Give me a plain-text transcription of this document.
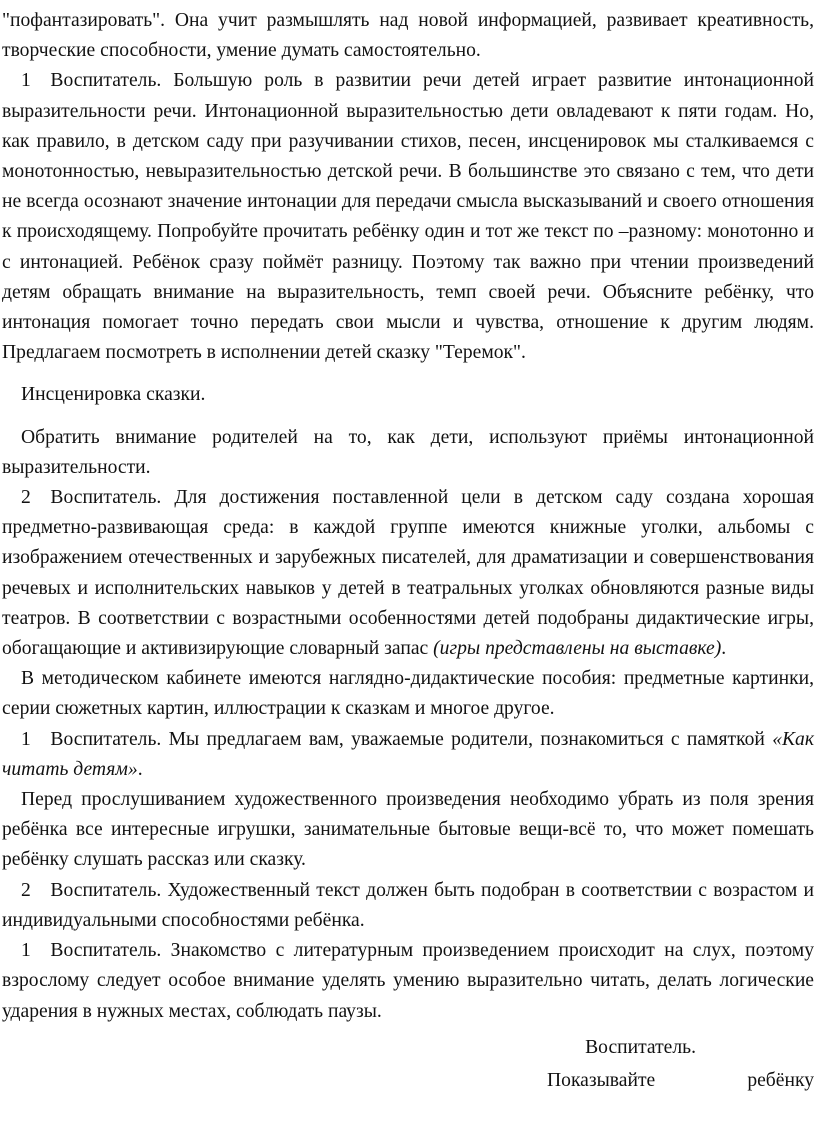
"пофантазировать". Она учит размышлять над новой информацией, развивает креативность, творческие способности, умение думать самостоятельно.

1 Воспитатель. Большую роль в развитии речи детей играет развитие интонационной выразительности речи. Интонационной выразительностью дети овладевают к пяти годам. Но, как правило, в детском саду при разучивании стихов, песен, инсценировок мы сталкиваемся с монотонностью, невыразительностью детской речи. В большинстве это связано с тем, что дети не всегда осознают значение интонации для передачи смысла высказываний и своего отношения к происходящему. Попробуйте прочитать ребёнку один и тот же текст по –разному: монотонно и с интонацией. Ребёнок сразу поймёт разницу. Поэтому так важно при чтении произведений детям обращать внимание на выразительность, темп своей речи. Объясните ребёнку, что интонация помогает точно передать свои мысли и чувства, отношение к другим людям. Предлагаем посмотреть в исполнении детей сказку "Теремок".

Инсценировка сказки.

Обратить внимание родителей на то, как дети, используют приёмы интонационной выразительности.

2 Воспитатель. Для достижения поставленной цели в детском саду создана хорошая предметно-развивающая среда: в каждой группе имеются книжные уголки, альбомы с изображением отечественных и зарубежных писателей, для драматизации и совершенствования речевых и исполнительских навыков у детей в театральных уголках обновляются разные виды театров. В соответствии с возрастными особенностями детей подобраны дидактические игры, обогащающие и активизирующие словарный запас (игры представлены на выставке).

В методическом кабинете имеются наглядно-дидактические пособия: предметные картинки, серии сюжетных картин, иллюстрации к сказкам и многое другое.

1 Воспитатель. Мы предлагаем вам, уважаемые родители, познакомиться с памяткой «Как читать детям».

Перед прослушиванием художественного произведения необходимо убрать из поля зрения ребёнка все интересные игрушки, занимательные бытовые вещи-всё то, что может помешать ребёнку слушать рассказ или сказку.

2 Воспитатель. Художественный текст должен быть подобран в соответствии с возрастом и индивидуальными способностями ребёнка.

1 Воспитатель. Знакомство с литературным произведением происходит на слух, поэтому взрослому следует особое внимание уделять умению выразительно читать, делать логические ударения в нужных местах, соблюдать паузы.

Воспитатель.

Показывайте	ребёнку
